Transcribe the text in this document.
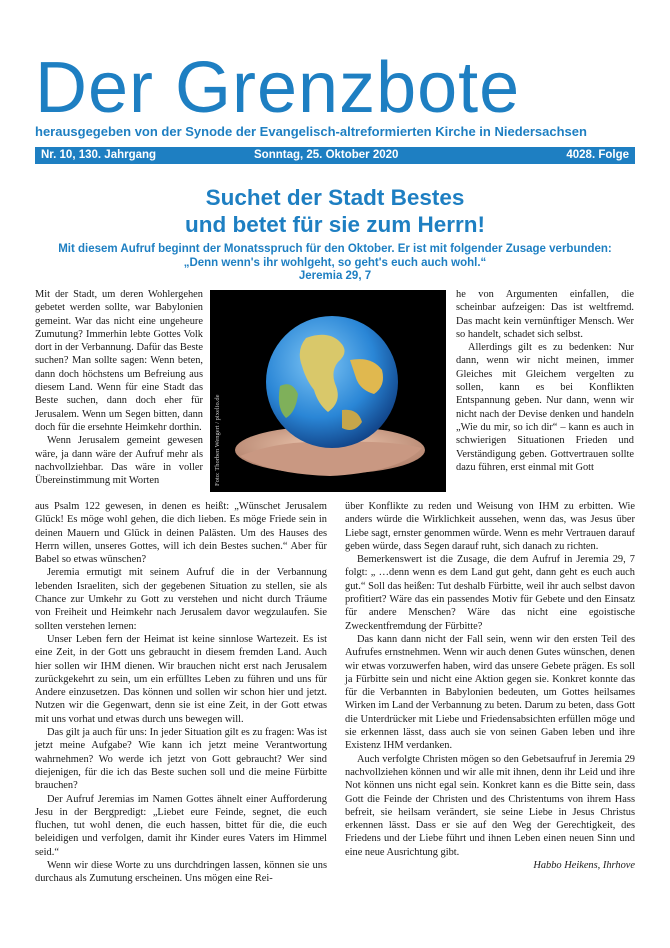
Der Grenzbote
herausgegeben von der Synode der Evangelisch-altreformierten Kirche in Niedersachsen
Nr. 10, 130. Jahrgang	Sonntag, 25. Oktober 2020	4028. Folge
Suchet der Stadt Bestes
und betet für sie zum Herrn!
Mit diesem Aufruf beginnt der Monatsspruch für den Oktober. Er ist mit folgender Zusage verbunden:
„Denn wenn's ihr wohlgeht, so geht's euch auch wohl.“
Jeremia 29, 7
Foto: Thorben Wengert / pixelio.de

Mit der Stadt, um deren Wohlergehen gebetet werden sollte, war Babylonien gemeint. War das nicht eine ungeheure Zumutung? Immerhin lebte Gottes Volk dort in der Verbannung. Dafür das Beste suchen? Man sollte sagen: Wenn beten, dann doch höchstens um Befreiung aus diesem Land. Wenn für eine Stadt das Beste suchen, dann doch eher für Jerusalem. Wenn um Segen bitten, dann doch für die ersehnte Heimkehr dorthin.

Wenn Jerusalem gemeint gewesen wäre, ja dann wäre der Aufruf mehr als nachvollziehbar. Das wäre in voller Übereinstimmung mit Worten

aus Psalm 122 gewesen, in denen es heißt: „Wünschet Jerusalem Glück! Es möge wohl gehen, die dich lieben. Es möge Friede sein in deinen Mauern und Glück in deinen Palästen. Um des Hauses des Herrn willen, unseres Gottes, will ich dein Bestes suchen.“ Aber für Babel so etwas wünschen?

Jeremia ermutigt mit seinem Aufruf die in der Verbannung lebenden Israeliten, sich der gegebenen Situation zu stellen, sie als Chance zur Umkehr zu Gott zu verstehen und nicht durch Träume von Freiheit und Heimkehr nach Jerusalem davor wegzulaufen. Sie sollten verstehen lernen:

Unser Leben fern der Heimat ist keine sinnlose Wartezeit. Es ist eine Zeit, in der Gott uns gebraucht in diesem fremden Land. Auch hier sollen wir IHM dienen. Wir brauchen nicht erst nach Jerusalem zurückgekehrt zu sein, um ein erfülltes Leben zu führen und uns für Andere einzusetzen. Das können und sollen wir schon hier und jetzt. Nutzen wir die Gegenwart, denn sie ist eine Zeit, in der Gott etwas mit uns vorhat und etwas durch uns bewegen will.

Das gilt ja auch für uns: In jeder Situation gilt es zu fragen: Was ist jetzt meine Aufgabe? Wie kann ich jetzt meine Verantwortung wahrnehmen? Wo werde ich jetzt von Gott gebraucht? Wer sind diejenigen, für die ich das Beste suchen soll und die meine Fürbitte brauchen?

Der Aufruf Jeremias im Namen Gottes ähnelt einer Aufforderung Jesu in der Bergpredigt: „Liebet eure Feinde, segnet, die euch fluchen, tut wohl denen, die euch hassen, bittet für die, die euch beleidigen und verfolgen, damit ihr Kinder eures Vaters im Himmel seid.“

Wenn wir diese Worte zu uns durchdringen lassen, können sie uns durchaus als Zumutung erscheinen. Uns mögen eine Rei-

he von Argumenten einfallen, die scheinbar aufzeigen: Das ist weltfremd. Das macht kein vernünftiger Mensch. Wer so handelt, schadet sich selbst.

Allerdings gilt es zu bedenken: Nur dann, wenn wir nicht meinen, immer Gleiches mit Gleichem vergelten zu sollen, kann es bei Konflikten Entspannung geben. Nur dann, wenn wir nicht nach der Devise denken und handeln „Wie du mir, so ich dir“ – kann es auch in schwierigen Situationen Frieden und Verständigung geben. Gottvertrauen sollte dazu führen, erst einmal mit Gott

über Konflikte zu reden und Weisung von IHM zu erbitten. Wie anders würde die Wirklichkeit aussehen, wenn das, was Jesus über Liebe sagt, ernster genommen würde. Wenn es mehr Vertrauen darauf geben würde, dass Segen darauf ruht, sich danach zu richten.

Bemerkenswert ist die Zusage, die dem Aufruf in Jeremia 29, 7 folgt: „ …denn wenn es dem Land gut geht, dann geht es euch auch gut.“ Soll das heißen: Tut deshalb Fürbitte, weil ihr auch selbst davon profitiert? Wäre das ein passendes Motiv für Gebete und den Einsatz für andere Menschen? Wäre das nicht eine egoistische Zweckentfremdung der Fürbitte?

Das kann dann nicht der Fall sein, wenn wir den ersten Teil des Aufrufes ernstnehmen. Wenn wir auch denen Gutes wünschen, denen wir etwas vorzuwerfen haben, wird das unsere Gebete prägen. Es soll ja Fürbitte sein und nicht eine Aktion gegen sie. Konkret konnte das für die Verbannten in Babylonien bedeuten, um Gottes heilsames Wirken im Land der Verbannung zu beten. Darum zu beten, dass Gott die Unterdrücker mit Liebe und Friedensabsichten erfüllen möge und sie erkennen lässt, dass auch sie von seinen Gaben leben und ihre Existenz IHM verdanken.

Auch verfolgte Christen mögen so den Gebetsaufruf in Jeremia 29 nachvollziehen können und wir alle mit ihnen, denn ihr Leid und ihre Not können uns nicht egal sein. Konkret kann es die Bitte sein, dass Gott die Feinde der Christen und des Christentums von ihrem Hass befreit, sie heilsam verändert, sie seine Liebe in Jesus Christus erkennen lässt. Dass er sie auf den Weg der Gerechtigkeit, des Friedens und der Liebe führt und ihnen Leben einen neuen Sinn und eine neue Ausrichtung gibt.

Habbo Heikens, Ihrhove
